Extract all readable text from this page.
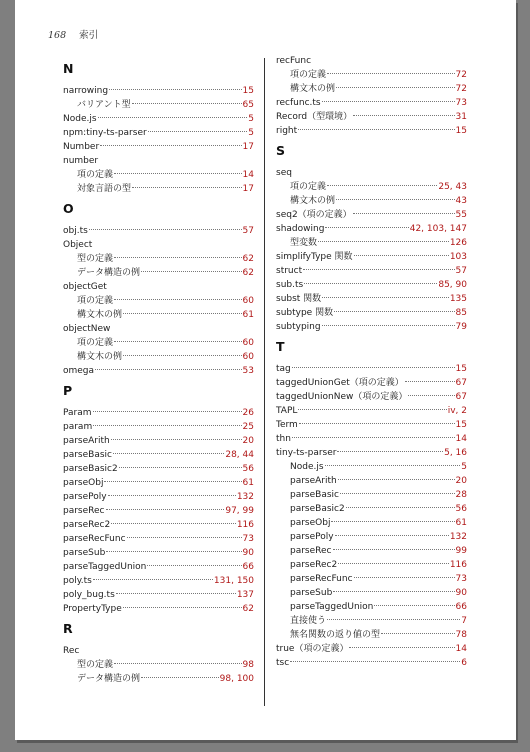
168 索引
N
narrowing	15
バリアント型	65
Node.js	5
npm:tiny-ts-parser	5
Number	17
number
項の定義	14
対象言語の型	17
O
obj.ts	57
Object
型の定義	62
データ構造の例	62
objectGet
項の定義	60
構文木の例	61
objectNew
項の定義	60
構文木の例	60
omega	53
P
Param	26
param	25
parseArith	20
parseBasic	28, 44
parseBasic2	56
parseObj	61
parsePoly	132
parseRec	97, 99
parseRec2	116
parseRecFunc	73
parseSub	90
parseTaggedUnion	66
poly.ts	131, 150
poly_bug.ts	137
PropertyType	62
R
Rec
型の定義	98
データ構造の例	98, 100
recFunc
項の定義	72
構文木の例	72
recfunc.ts	73
Record（型環境）	31
right	15
S
seq
項の定義	25, 43
構文木の例	43
seq2（項の定義）	55
shadowing	42, 103, 147
型変数	126
simplifyType 関数	103
struct	57
sub.ts	85, 90
subst 関数	135
subtype 関数	85
subtyping	79
T
tag	15
taggedUnionGet（項の定義）	67
taggedUnionNew（項の定義）	67
TAPL	iv, 2
Term	15
thn	14
tiny-ts-parser	5, 16
Node.js	5
parseArith	20
parseBasic	28
parseBasic2	56
parseObj	61
parsePoly	132
parseRec	99
parseRec2	116
parseRecFunc	73
parseSub	90
parseTaggedUnion	66
直接使う	7
無名関数の返り値の型	78
true（項の定義）	14
tsc	6
